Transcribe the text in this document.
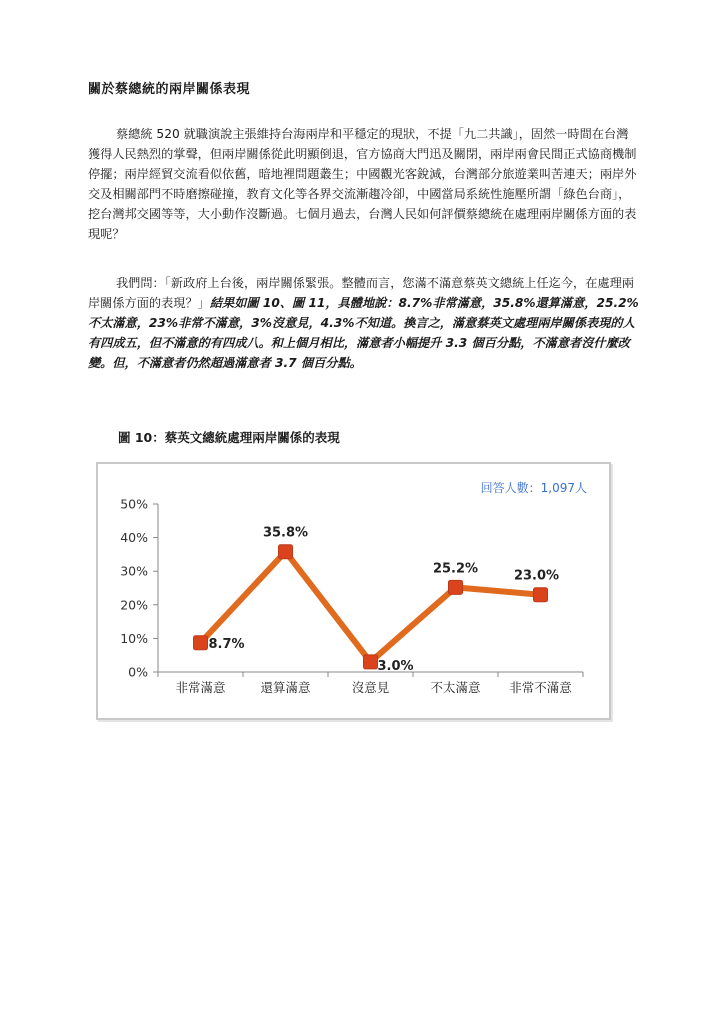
關於蔡總統的兩岸關係表現
蔡總統 520 就職演說主張維持台海兩岸和平穩定的現狀，不提「九二共識」，固然一時間在台灣獲得人民熱烈的掌聲，但兩岸關係從此明顯倒退，官方協商大門迅及關閉，兩岸兩會民間正式協商機制停擺；兩岸經貿交流看似依舊，暗地裡問題叢生；中國觀光客銳減，台灣部分旅遊業叫苦連天；兩岸外交及相關部門不時磨擦碰撞，教育文化等各界交流漸趨冷卻，中國當局系統性施壓所謂「綠色台商」，挖台灣邦交國等等，大小動作沒斷過。七個月過去，台灣人民如何評價蔡總統在處理兩岸關係方面的表現呢？
我們問：「新政府上台後，兩岸關係緊張。整體而言，您滿不滿意蔡英文總統上任迄今，在處理兩岸關係方面的表現？」結果如圖 10、圖 11，具體地說：8.7%非常滿意，35.8%還算滿意，25.2%不太滿意，23%非常不滿意，3%沒意見，4.3%不知道。換言之，滿意蔡英文處理兩岸關係表現的人有四成五，但不滿意的有四成八。和上個月相比，滿意者小幅提升 3.3 個百分點，不滿意者沒什麼改變。但，不滿意者仍然超過滿意者 3.7 個百分點。
圖 10：蔡英文總統處理兩岸關係的表現
回答人數：1,097人
0%
10%
20%
30%
40%
50%
非常滿意	還算滿意	沒意見	不太滿意 非常不滿意
8.7%
35.8%
3.0%
25.2%	23.0%
